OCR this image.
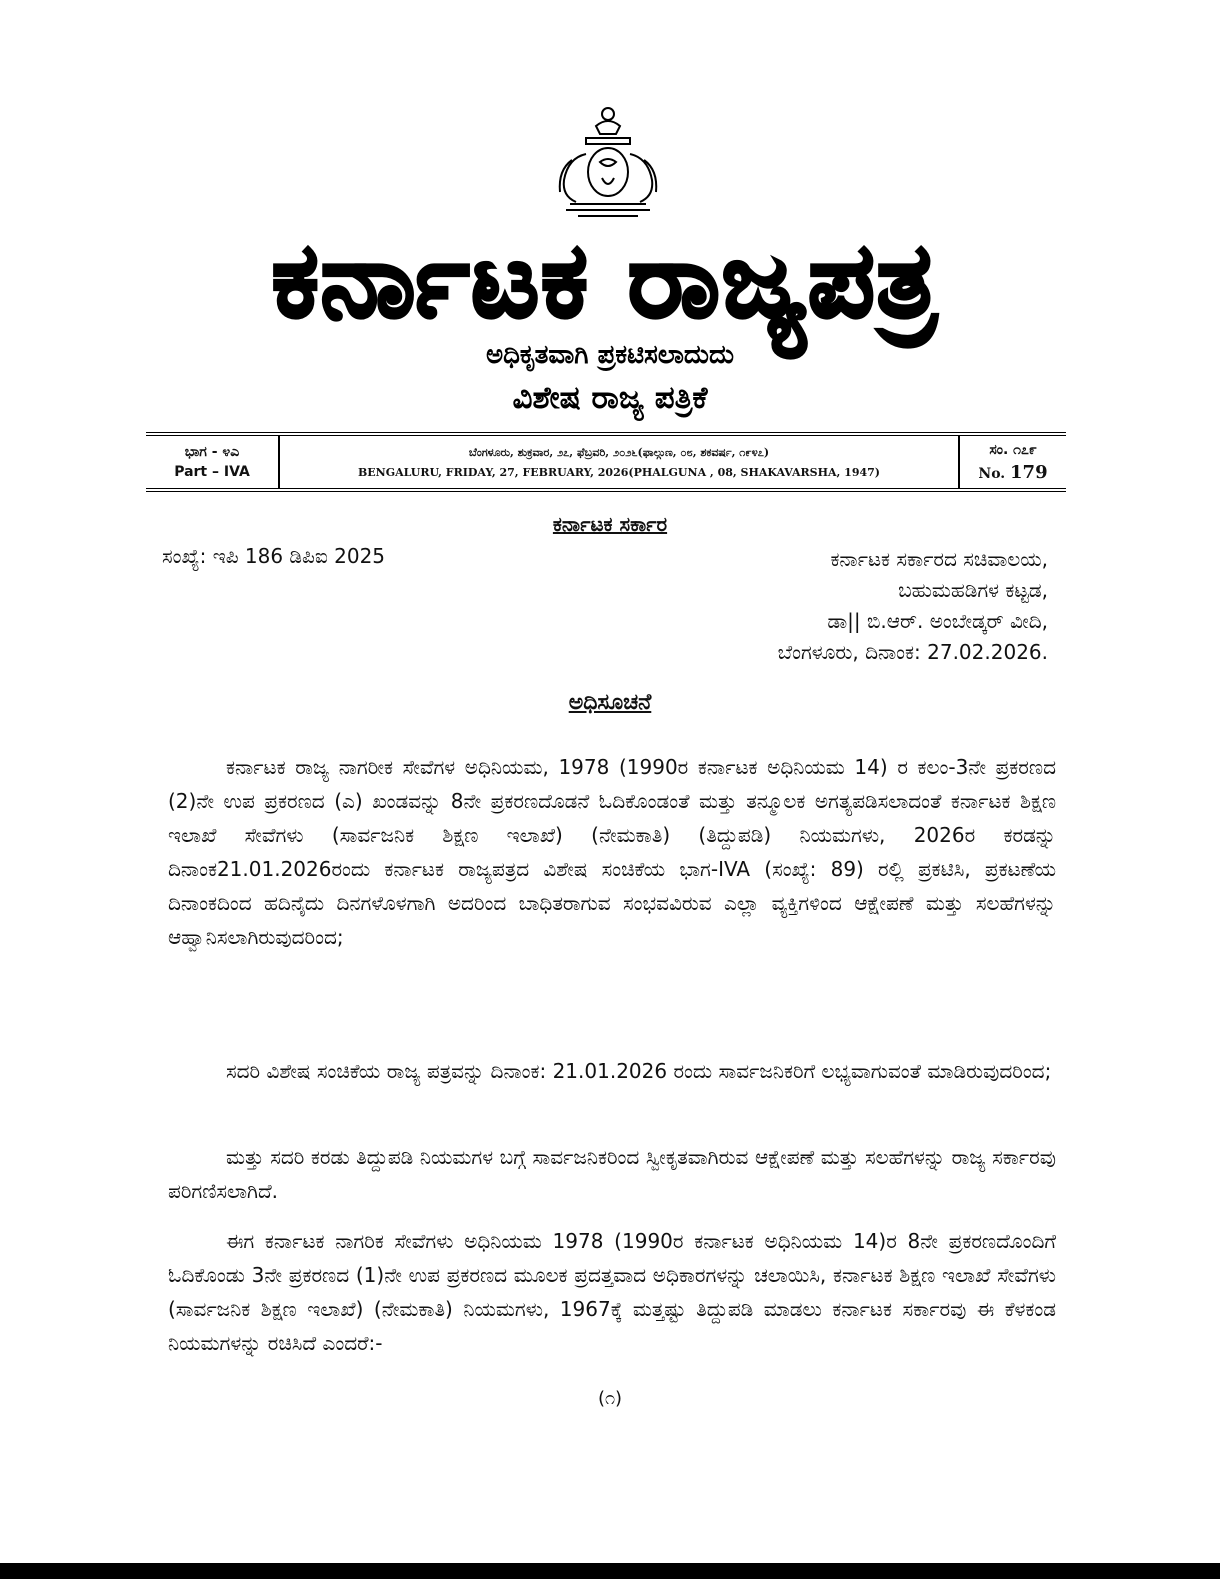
ಕರ್ನಾಟಕ ರಾಜ್ಯಪತ್ರ
ಅಧಿಕೃತವಾಗಿ ಪ್ರಕಟಿಸಲಾದುದು
ವಿಶೇಷ ರಾಜ್ಯ ಪತ್ರಿಕೆ
ಭಾಗ - ೪ಎ
Part – IVA
ಬೆಂಗಳೂರು, ಶುಕ್ರವಾರ, ೨೭, ಫೆಬ್ರವರಿ, ೨೦೨೬(ಫಾಲ್ಗುಣ, ೦೮, ಶಕವರ್ಷ, ೧೯೪೭)
BENGALURU, FRIDAY, 27, FEBRUARY, 2026(PHALGUNA , 08, SHAKAVARSHA, 1947)
ಸಂ. ೧೭೯
No. 179
ಕರ್ನಾಟಕ ಸರ್ಕಾರ
ಸಂಖ್ಯೆ: ಇಪಿ 186 ಡಿಪಿಐ 2025	ಕರ್ನಾಟಕ ಸರ್ಕಾರದ ಸಚಿವಾಲಯ,
ಬಹುಮಹಡಿಗಳ ಕಟ್ಟಡ,
ಡಾ|| ಬಿ.ಆರ್. ಅಂಬೇಡ್ಕರ್ ವೀದಿ,
ಬೆಂಗಳೂರು, ದಿನಾಂಕ: 27.02.2026.
ಅಧಿಸೂಚನೆ

ಕರ್ನಾಟಕ ರಾಜ್ಯ ನಾಗರೀಕ ಸೇವೆಗಳ ಅಧಿನಿಯಮ, 1978 (1990ರ ಕರ್ನಾಟಕ ಅಧಿನಿಯಮ 14) ರ ಕಲಂ-3ನೇ ಪ್ರಕರಣದ (2)ನೇ ಉಪ ಪ್ರಕರಣದ (ಎ) ಖಂಡವನ್ನು 8ನೇ ಪ್ರಕರಣದೊಡನೆ ಓದಿಕೊಂಡಂತೆ ಮತ್ತು ತನ್ಮೂಲಕ ಅಗತ್ಯಪಡಿಸಲಾದಂತೆ ಕರ್ನಾಟಕ ಶಿಕ್ಷಣ ಇಲಾಖೆ ಸೇವೆಗಳು (ಸಾರ್ವಜನಿಕ ಶಿಕ್ಷಣ ಇಲಾಖೆ) (ನೇಮಕಾತಿ) (ತಿದ್ದುಪಡಿ) ನಿಯಮಗಳು, 2026ರ ಕರಡನ್ನು ದಿನಾಂಕ21.01.2026ರಂದು ಕರ್ನಾಟಕ ರಾಜ್ಯಪತ್ರದ ವಿಶೇಷ ಸಂಚಿಕೆಯ ಭಾಗ-IVA (ಸಂಖ್ಯೆ: 89) ರಲ್ಲಿ ಪ್ರಕಟಿಸಿ, ಪ್ರಕಟಣೆಯ ದಿನಾಂಕದಿಂದ ಹದಿನೈದು ದಿನಗಳೊಳಗಾಗಿ ಅದರಿಂದ ಬಾಧಿತರಾಗುವ ಸಂಭವವಿರುವ ಎಲ್ಲಾ ವ್ಯಕ್ತಿಗಳಿಂದ ಆಕ್ಷೇಪಣೆ ಮತ್ತು ಸಲಹೆಗಳನ್ನು ಆಹ್ವಾನಿಸಲಾಗಿರುವುದರಿಂದ;

ಸದರಿ ವಿಶೇಷ ಸಂಚಿಕೆಯ ರಾಜ್ಯ ಪತ್ರವನ್ನು ದಿನಾಂಕ: 21.01.2026 ರಂದು ಸಾರ್ವಜನಿಕರಿಗೆ ಲಭ್ಯವಾಗುವಂತೆ ಮಾಡಿರುವುದರಿಂದ;

ಮತ್ತು ಸದರಿ ಕರಡು ತಿದ್ದುಪಡಿ ನಿಯಮಗಳ ಬಗ್ಗೆ ಸಾರ್ವಜನಿಕರಿಂದ ಸ್ವೀಕೃತವಾಗಿರುವ ಆಕ್ಷೇಪಣೆ ಮತ್ತು ಸಲಹೆಗಳನ್ನು ರಾಜ್ಯ ಸರ್ಕಾರವು ಪರಿಗಣಿಸಲಾಗಿದೆ.

ಈಗ ಕರ್ನಾಟಕ ನಾಗರಿಕ ಸೇವೆಗಳು ಅಧಿನಿಯಮ 1978 (1990ರ ಕರ್ನಾಟಕ ಅಧಿನಿಯಮ 14)ರ 8ನೇ ಪ್ರಕರಣದೊಂದಿಗೆ ಓದಿಕೊಂಡು 3ನೇ ಪ್ರಕರಣದ (1)ನೇ ಉಪ ಪ್ರಕರಣದ ಮೂಲಕ ಪ್ರದತ್ತವಾದ ಅಧಿಕಾರಗಳನ್ನು ಚಲಾಯಿಸಿ, ಕರ್ನಾಟಕ ಶಿಕ್ಷಣ ಇಲಾಖೆ ಸೇವೆಗಳು (ಸಾರ್ವಜನಿಕ ಶಿಕ್ಷಣ ಇಲಾಖೆ) (ನೇಮಕಾತಿ) ನಿಯಮಗಳು, 1967ಕ್ಕೆ ಮತ್ತಷ್ಟು ತಿದ್ದುಪಡಿ ಮಾಡಲು ಕರ್ನಾಟಕ ಸರ್ಕಾರವು ಈ ಕೆಳಕಂಡ ನಿಯಮಗಳನ್ನು ರಚಿಸಿದೆ ಎಂದರೆ:-

(೧)
